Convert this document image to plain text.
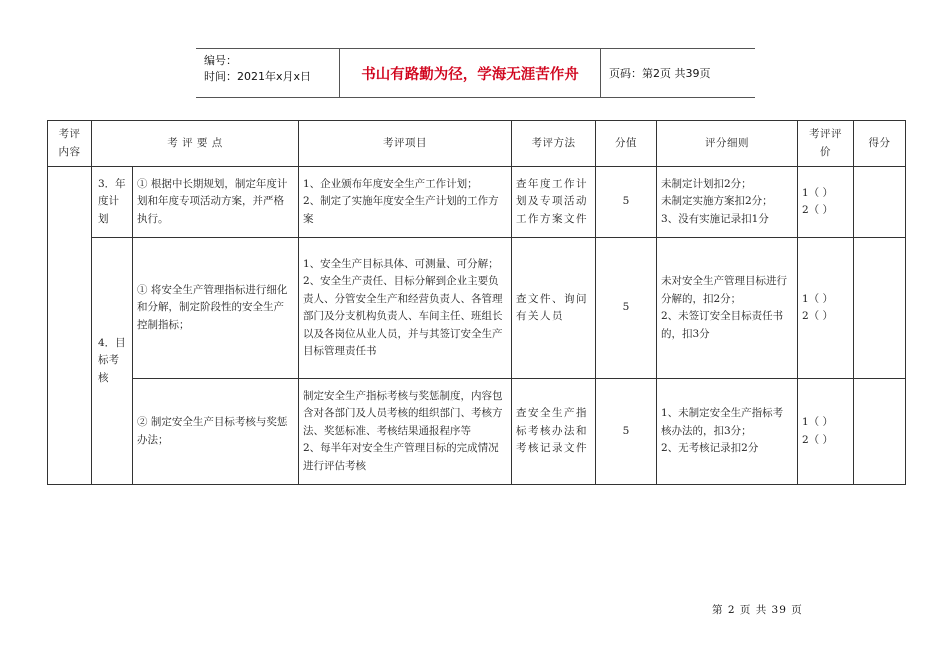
编号：
时间：2021年x月x日	书山有路勤为径，学海无涯苦作舟	页码：第2页 共39页
考评内容	考 评 要 点		考评项目	考评方法	分值	评分细则	考评评价	得分
	3．年度计划	① 根据中长期规划，制定年度计划和年度专项活动方案，并严格执行。	1、企业颁布年度安全生产工作计划；
2、制定了实施年度安全生产计划的工作方案	查年度工作计划及专项活动工作方案文件	5	未制定计划扣2分；
未制定实施方案扣2分；
3、没有实施记录扣1分	1（ ）
2（ ）	
	4．目标考核	① 将安全生产管理指标进行细化和分解，制定阶段性的安全生产控制指标；	1、安全生产目标具体、可测量、可分解；
2、安全生产责任、目标分解到企业主要负责人、分管安全生产和经营负责人、各管理部门及分支机构负责人、车间主任、班组长以及各岗位从业人员，并与其签订安全生产目标管理责任书	查文件、询问有关人员	5	未对安全生产管理目标进行分解的，扣2分；
2、未签订安全目标责任书的，扣3分	1（ ）
2（ ）	
		② 制定安全生产目标考核与奖惩办法；	制定安全生产指标考核与奖惩制度，内容包含对各部门及人员考核的组织部门、考核方法、奖惩标准、考核结果通报程序等
2、每半年对安全生产管理目标的完成情况进行评估考核	查安全生产指标考核办法和考核记录文件	5	1、未制定安全生产指标考核办法的，扣3分；
2、无考核记录扣2分	1（ ）
2（ ）	
第 2 页 共 39 页
